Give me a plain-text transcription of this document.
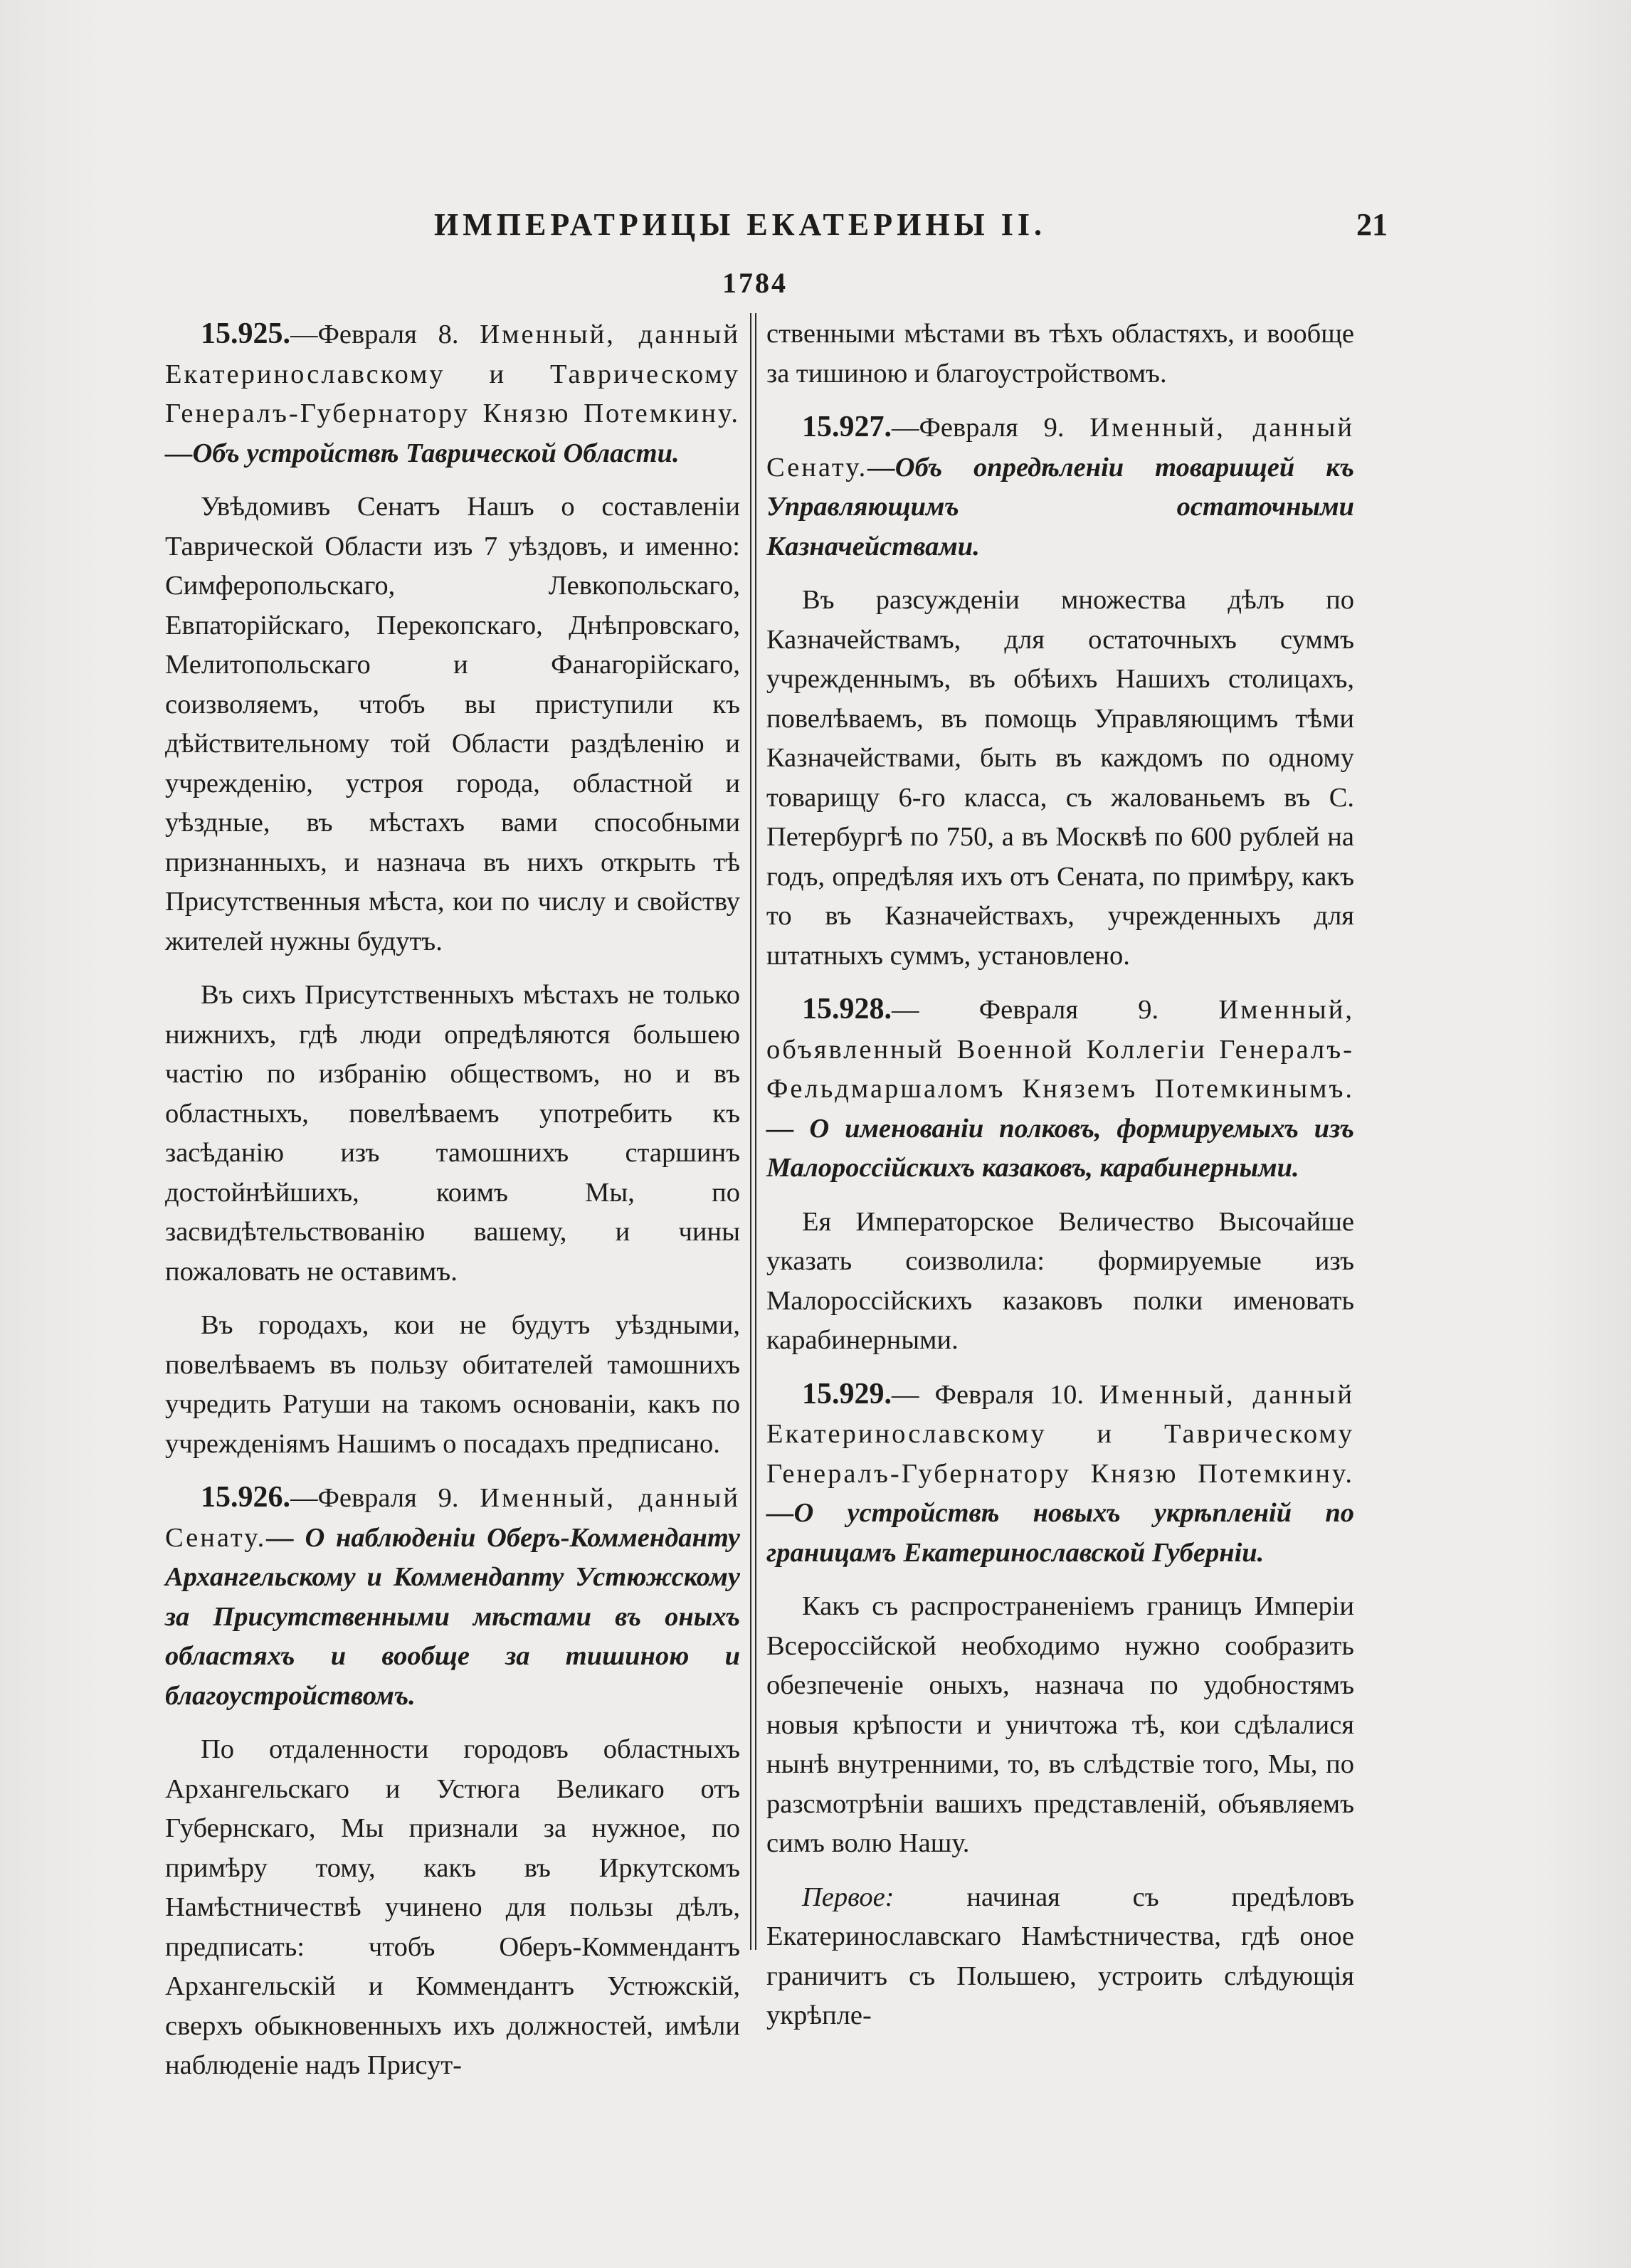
ИМПЕРАТРИЦЫ ЕКАТЕРИНЫ II.	21
1784

15.925.—Февраля 8. Именный, данный Екатеринославскому и Таврическому Генералъ-Губернатору Князю Потемкину.—Объ устройствѣ Таврической Области.

Увѣдомивъ Сенатъ Нашъ о составленіи Таврической Области изъ 7 уѣздовъ, и именно: Симферопольскаго, Левкопольскаго, Евпаторійскаго, Перекопскаго, Днѣпровскаго, Мелитопольскаго и Фанагорійскаго, соизволяемъ, чтобъ вы приступили къ дѣйствительному той Области раздѣленію и учрежденію, устроя города, областной и уѣздные, въ мѣстахъ вами способными признанныхъ, и назнача въ нихъ открыть тѣ Присутственныя мѣста, кои по числу и свойству жителей нужны будутъ.

Въ сихъ Присутственныхъ мѣстахъ не только нижнихъ, гдѣ люди опредѣляются большею частію по избранію обществомъ, но и въ областныхъ, повелѣваемъ употребить къ засѣданію изъ тамошнихъ старшинъ достойнѣйшихъ, коимъ Мы, по засвидѣтельствованію вашему, и чины пожаловать не оставимъ.

Въ городахъ, кои не будутъ уѣздными, повелѣваемъ въ пользу обитателей тамошнихъ учредить Ратуши на такомъ основаніи, какъ по учрежденіямъ Нашимъ о посадахъ предписано.

15.926.—Февраля 9. Именный, данный Сенату.— О наблюденіи Оберъ-Комменданту Архангельскому и Коммендanту Устюжскому за Присутственными мѣстами въ оныхъ областяхъ и вообще за тишиною и благоустройствомъ.

По отдаленности городовъ областныхъ Архангельскаго и Устюга Великаго отъ Губернскаго, Мы признали за нужное, по примѣру тому, какъ въ Иркутскомъ Намѣстничествѣ учинено для пользы дѣлъ, предписать: чтобъ Оберъ-Коммендантъ Архангельскій и Коммендантъ Устюжскій, сверхъ обыкновенныхъ ихъ должностей, имѣли наблюденіе надъ Присут-

ственными мѣстами въ тѣхъ областяхъ, и вообще за тишиною и благоустройствомъ.

15.927.—Февраля 9. Именный, данный Сенату.—Объ опредѣленіи товарищей къ Управляющимъ остаточными Казначействами.

Въ разсужденіи множества дѣлъ по Казначействамъ, для остаточныхъ суммъ учрежденнымъ, въ обѣихъ Нашихъ столицахъ, повелѣваемъ, въ помощь Управляющимъ тѣми Казначействами, быть въ каждомъ по одному товарищу 6-го класса, съ жалованьемъ въ С. Петербургѣ по 750, а въ Москвѣ по 600 рублей на годъ, опредѣляя ихъ отъ Сената, по примѣру, какъ то въ Казначействахъ, учрежденныхъ для штатныхъ суммъ, установлено.

15.928.— Февраля 9. Именный, объявленный Военной Коллегіи Генералъ-Фельдмаршаломъ Княземъ Потемкинымъ.— О именованіи полковъ, формируемыхъ изъ Малороссійскихъ казаковъ, карабинерными.

Ея Императорское Величество Высочайше указать соизволила: формируемые изъ Малороссійскихъ казаковъ полки именовать карабинерными.

15.929.— Февраля 10. Именный, данный Екатеринославскому и Таврическому Генералъ-Губернатору Князю Потемкину.—О устройствѣ новыхъ укрѣпленій по границамъ Екатеринославской Губерніи.

Какъ съ распространеніемъ границъ Имперіи Всероссійской необходимо нужно сообразить обезпеченіе оныхъ, назнача по удобностямъ новыя крѣпости и уничтожа тѣ, кои сдѣлалися нынѣ внутренними, то, въ слѣдствіе того, Мы, по разсмотрѣніи вашихъ представленій, объявляемъ симъ волю Нашу.

Первое:	начиная съ предѣловъ Екатеринославскаго Намѣстничества, гдѣ оное граничитъ съ Польшею, устроить слѣдующія укрѣпле-
